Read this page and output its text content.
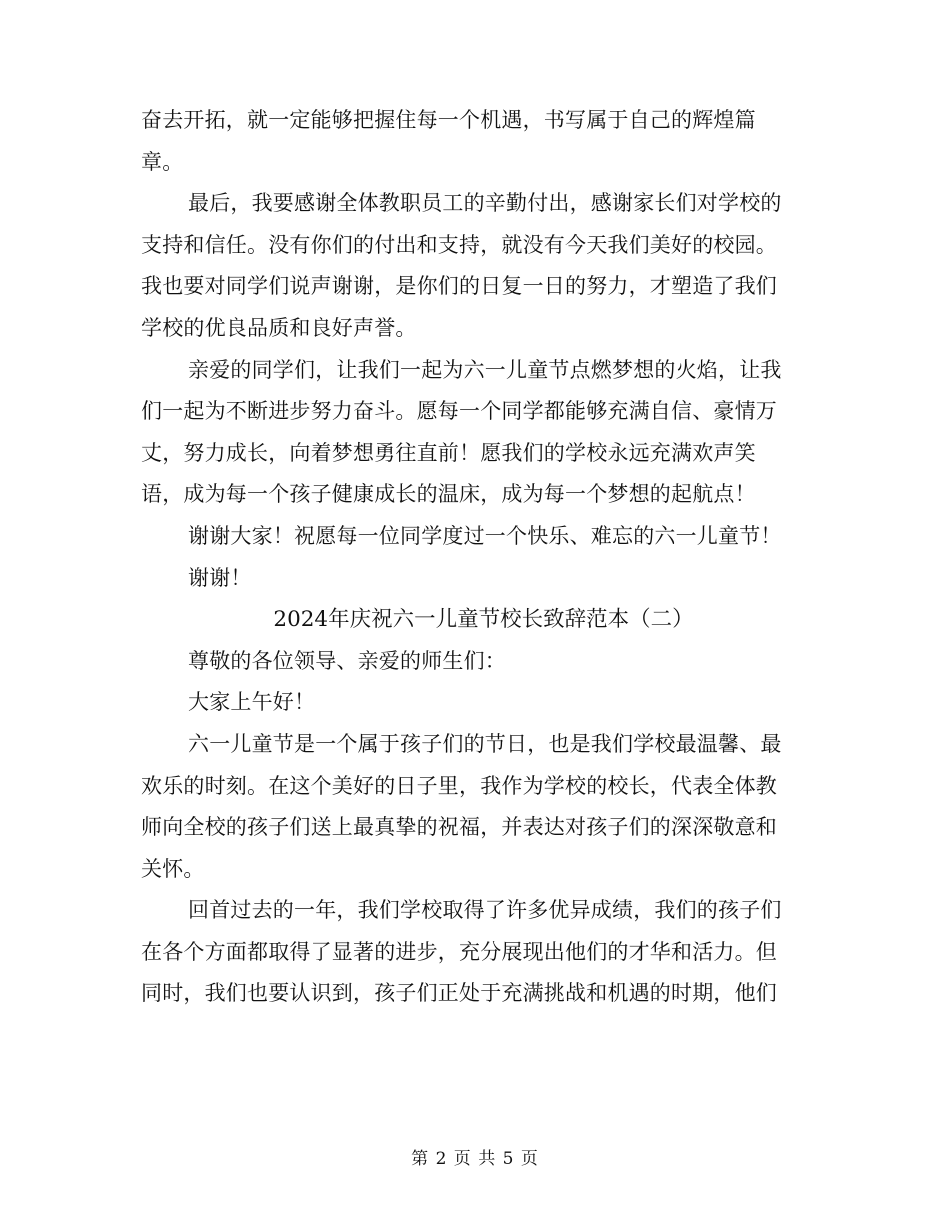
奋去开拓，就一定能够把握住每一个机遇，书写属于自己的辉煌篇
章。
最后，我要感谢全体教职员工的辛勤付出，感谢家长们对学校的
支持和信任。没有你们的付出和支持，就没有今天我们美好的校园。
我也要对同学们说声谢谢，是你们的日复一日的努力，才塑造了我们
学校的优良品质和良好声誉。
亲爱的同学们，让我们一起为六一儿童节点燃梦想的火焰，让我
们一起为不断进步努力奋斗。愿每一个同学都能够充满自信、豪情万
丈，努力成长，向着梦想勇往直前！愿我们的学校永远充满欢声笑
语，成为每一个孩子健康成长的温床，成为每一个梦想的起航点！
谢谢大家！祝愿每一位同学度过一个快乐、难忘的六一儿童节！
谢谢！
2024年庆祝六一儿童节校长致辞范本（二）
尊敬的各位领导、亲爱的师生们：
大家上午好！
六一儿童节是一个属于孩子们的节日，也是我们学校最温馨、最
欢乐的时刻。在这个美好的日子里，我作为学校的校长，代表全体教
师向全校的孩子们送上最真挚的祝福，并表达对孩子们的深深敬意和
关怀。
回首过去的一年，我们学校取得了许多优异成绩，我们的孩子们
在各个方面都取得了显著的进步，充分展现出他们的才华和活力。但
同时，我们也要认识到，孩子们正处于充满挑战和机遇的时期，他们
第 2 页 共 5 页
